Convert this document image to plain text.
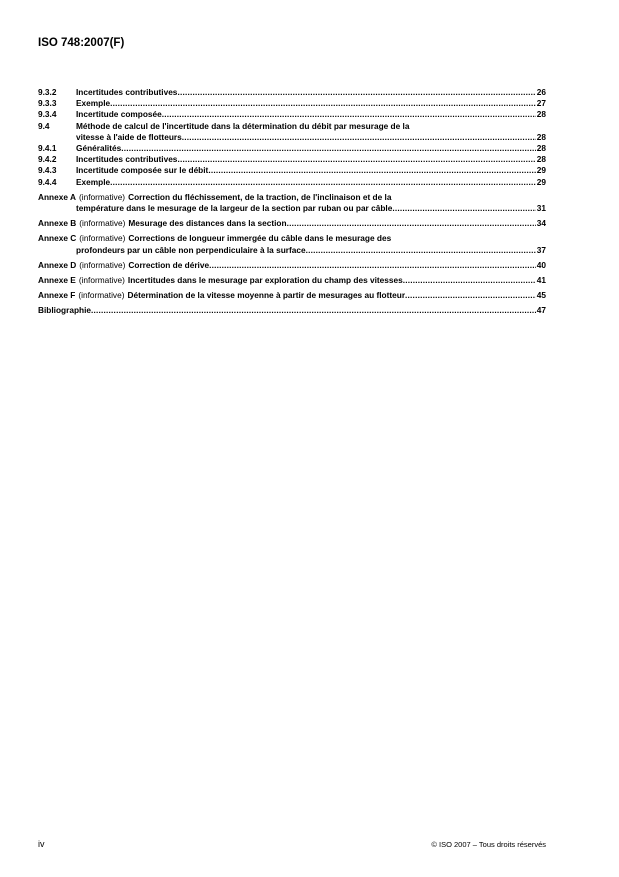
ISO 748:2007(F)
9.3.2	Incertitudes contributives .....	26
9.3.3	Exemple .....	27
9.3.4	Incertitude composée .....	28
9.4	Méthode de calcul de l'incertitude dans la détermination du débit par mesurage de la
vitesse à l'aide de flotteurs .....	28
9.4.1	Généralités .....	28
9.4.2	Incertitudes contributives .....	28
9.4.3	Incertitude composée sur le débit .....	29
9.4.4	Exemple .....	29
Annexe A (informative) Correction du fléchissement, de la traction, de l'inclinaison et de la
température dans le mesurage de la largeur de la section par ruban ou par câble .....	31
Annexe B (informative) Mesurage des distances dans la section .....	34
Annexe C (informative) Corrections de longueur immergée du câble dans le mesurage des
profondeurs par un câble non perpendiculaire à la surface .....	37
Annexe D (informative) Correction de dérive .....	40
Annexe E (informative) Incertitudes dans le mesurage par exploration du champ des vitesses .....	41
Annexe F (informative) Détermination de la vitesse moyenne à partir de mesurages au flotteur .....	45
Bibliographie .....	47
iv	© ISO 2007 – Tous droits réservés
